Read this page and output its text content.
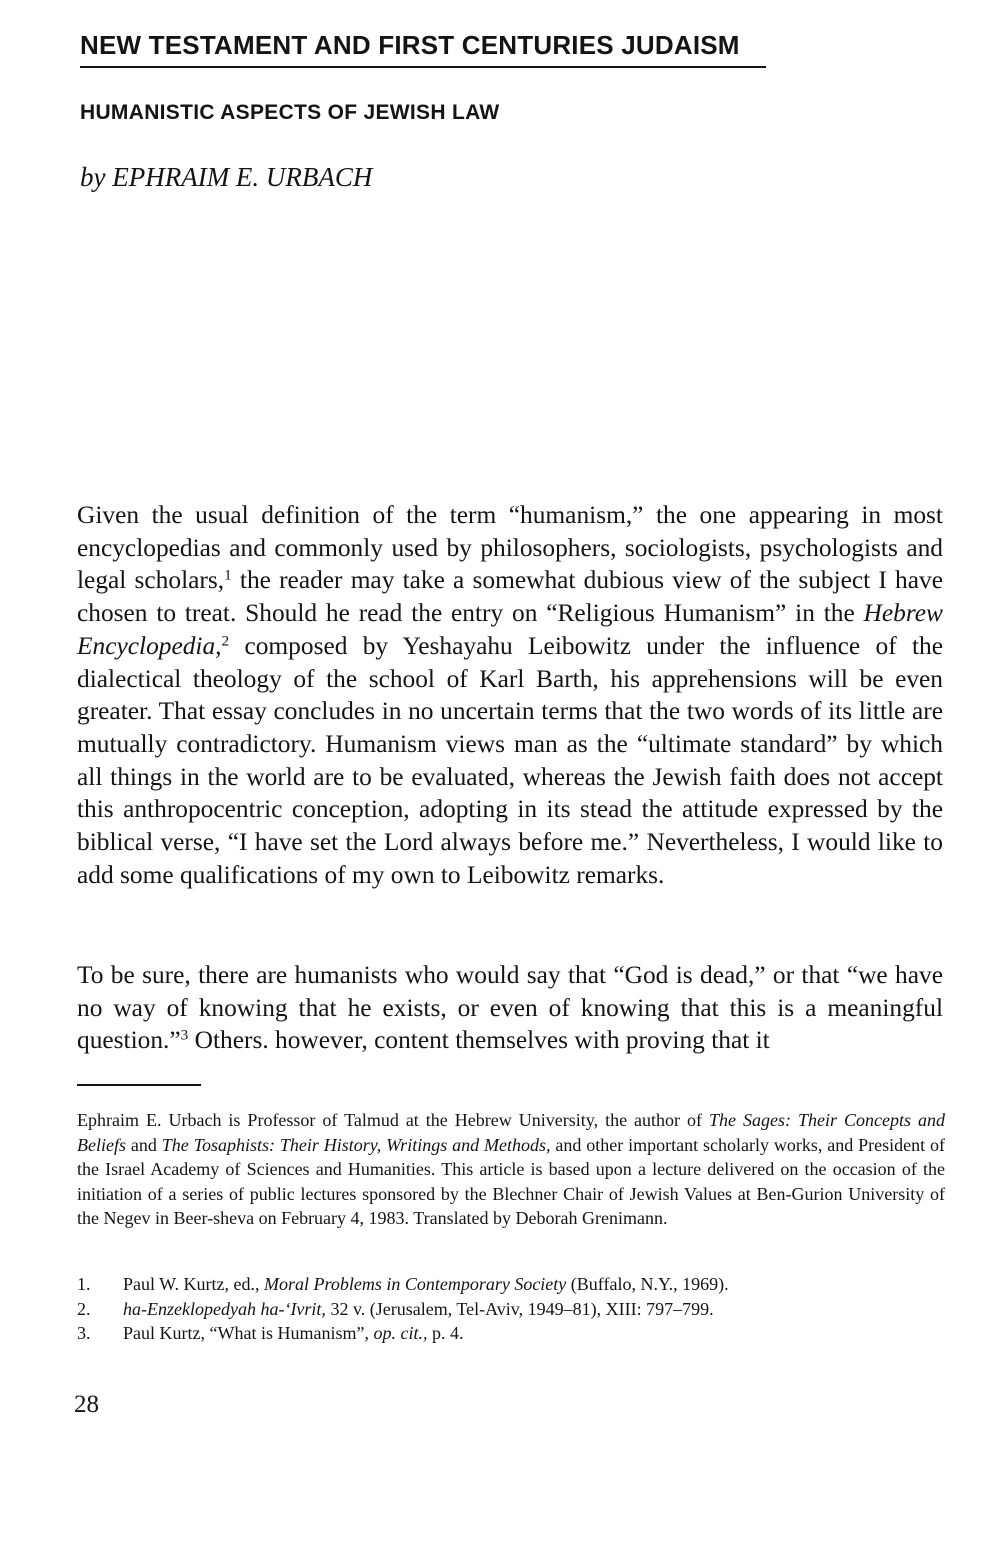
NEW TESTAMENT AND FIRST CENTURIES JUDAISM
HUMANISTIC ASPECTS OF JEWISH LAW
by EPHRAIM E. URBACH

Given the usual definition of the term “humanism,” the one appearing in most encyclopedias and commonly used by philosophers, sociologists, psychologists and legal scholars,$^1$ the reader may take a somewhat dubious view of the subject I have chosen to treat. Should he read the entry on “Religious Humanism” in the Hebrew Encyclopedia,$^2$ composed by Yeshayahu Leibowitz under the influence of the dialectical theology of the school of Karl Barth, his apprehensions will be even greater. That essay concludes in no uncertain terms that the two words of its little are mutually contradictory. Humanism views man as the “ultimate standard” by which all things in the world are to be evaluated, whereas the Jewish faith does not accept this anthropocentric conception, adopting in its stead the attitude expressed by the biblical verse, “I have set the Lord always before me.” Nevertheless, I would like to add some qualifications of my own to Leibowitz remarks.

To be sure, there are humanists who would say that “God is dead,” or that “we have no way of knowing that he exists, or even of knowing that this is a meaningful question.”$^3$ Others. however, content themselves with proving that it

Ephraim E. Urbach is Professor of Talmud at the Hebrew University, the author of The Sages: Their Concepts and Beliefs and The Tosaphists: Their History, Writings and Methods, and other important scholarly works, and President of the Israel Academy of Sciences and Humanities. This article is based upon a lecture delivered on the occasion of the initiation of a series of public lectures sponsored by the Blechner Chair of Jewish Values at Ben-Gurion University of the Negev in Beer-sheva on February 4, 1983. Translated by Deborah Grenimann.

1.	Paul W. Kurtz, ed., Moral Problems in Contemporary Society (Buffalo, N.Y., 1969).
2.	ha-Enzeklopedyah ha-‘Ivrit, 32 v. (Jerusalem, Tel-Aviv, 1949–81), XIII: 797–799.
3.	Paul Kurtz, “What is Humanism”, op. cit., p. 4.
28
